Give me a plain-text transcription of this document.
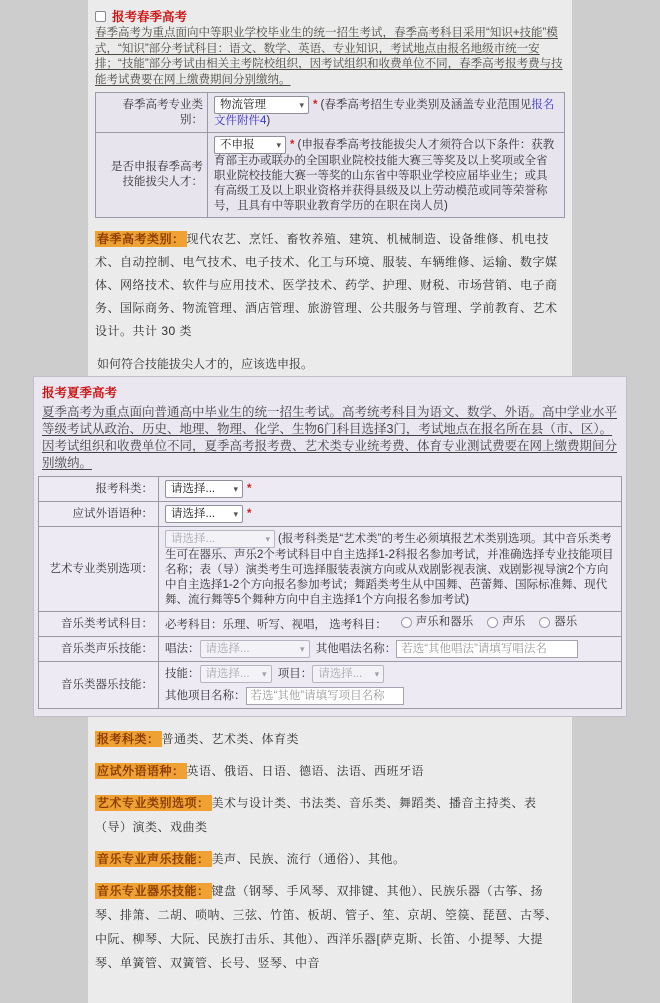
报考春季高考

春季高考为重点面向中等职业学校毕业生的统一招生考试，春季高考科目采用“知识+技能”模式，“知识”部分考试科目：语文、数学、英语、专业知识，考试地点由报名地级市统一安排；“技能”部分考试由相关主考院校组织，因考试组织和收费单位不同，春季高考报考费与技能考试费要在网上缴费期间分别缴纳。

春季高考专业类别：	物流管理 ▾ * (春季高考招生专业类别及涵盖专业范围见报名文件附件4)
是否申报春季高考技能拔尖人才：	不申报 ▾ * (申报春季高考技能拔尖人才须符合以下条件：获教育部主办或联办的全国职业院校技能大赛三等奖及以上奖项或全省职业院校技能大赛一等奖的山东省中等职业学校应届毕业生；或具有高级工及以上职业资格并获得县级及以上劳动模范或同等荣誉称号，且具有中等职业教育学历的在职在岗人员)

春季高考类别： 现代农艺、烹饪、畜牧养殖、建筑、机械制造、设备维修、机电技术、自动控制、电气技术、电子技术、化工与环境、服装、车辆维修、运输、数字媒体、网络技术、软件与应用技术、医学技术、药学、护理、财税、市场营销、电子商务、国际商务、物流管理、酒店管理、旅游管理、公共服务与管理、学前教育、艺术设计。共计 30 类

如何符合技能拔尖人才的，应该选申报。

报考夏季高考

夏季高考为重点面向普通高中毕业生的统一招生考试。高考统考科目为语文、数学、外语。高中学业水平等级考试从政治、历史、地理、物理、化学、生物6门科目选择3门，考试地点在报名所在县（市、区）。因考试组织和收费单位不同，夏季高考报考费、艺术类专业统考费、体育专业测试费要在网上缴费期间分别缴纳。

报考科类：	请选择... ▾ *
应试外语语种：	请选择... ▾ *
艺术专业类别选项：	请选择... ▾ (报考科类是“艺术类”的考生必须填报艺术类别选项。其中音乐类考生可在器乐、声乐2个考试科目中自主选择1-2科报名参加考试，并准确选择专业技能项目名称；表（导）演类考生可选择服装表演方向或从戏剧影视表演、戏剧影视导演2个方向中自主选择1-2个方向报名参加考试；舞蹈类考生从中国舞、芭蕾舞、国际标准舞、现代舞、流行舞等5个舞种方向中自主选择1个方向报名参加考试)
音乐类考试科目：	必考科目：乐理、听写、视唱， 选考科目： 声乐和器乐 声乐 器乐

音乐类声乐技能：	唱法： 请选择... ▾ 其他唱法名称： 若选“其他唱法”请填写唱法名
音乐类器乐技能：	
技能： 请选择... ▾ 项目： 请选择... ▾
其他项目名称： 若选“其他”请填写项目名称

报考科类： 普通类、艺术类、体育类

应试外语语种： 英语、俄语、日语、德语、法语、西班牙语

艺术专业类别选项： 美术与设计类、书法类、音乐类、舞蹈类、播音主持类、表（导）演类、戏曲类

音乐专业声乐技能： 美声、民族、流行（通俗）、其他。

音乐专业器乐技能： 键盘（钢琴、手风琴、双排键、其他）、民族乐器（古筝、扬琴、排箫、二胡、唢呐、三弦、竹笛、板胡、管子、笙、京胡、箜篌、琵琶、古琴、中阮、柳琴、大阮、民族打击乐、其他）、西洋乐器[萨克斯、长笛、小提琴、大提琴、单簧管、双簧管、长号、竖琴、中音
